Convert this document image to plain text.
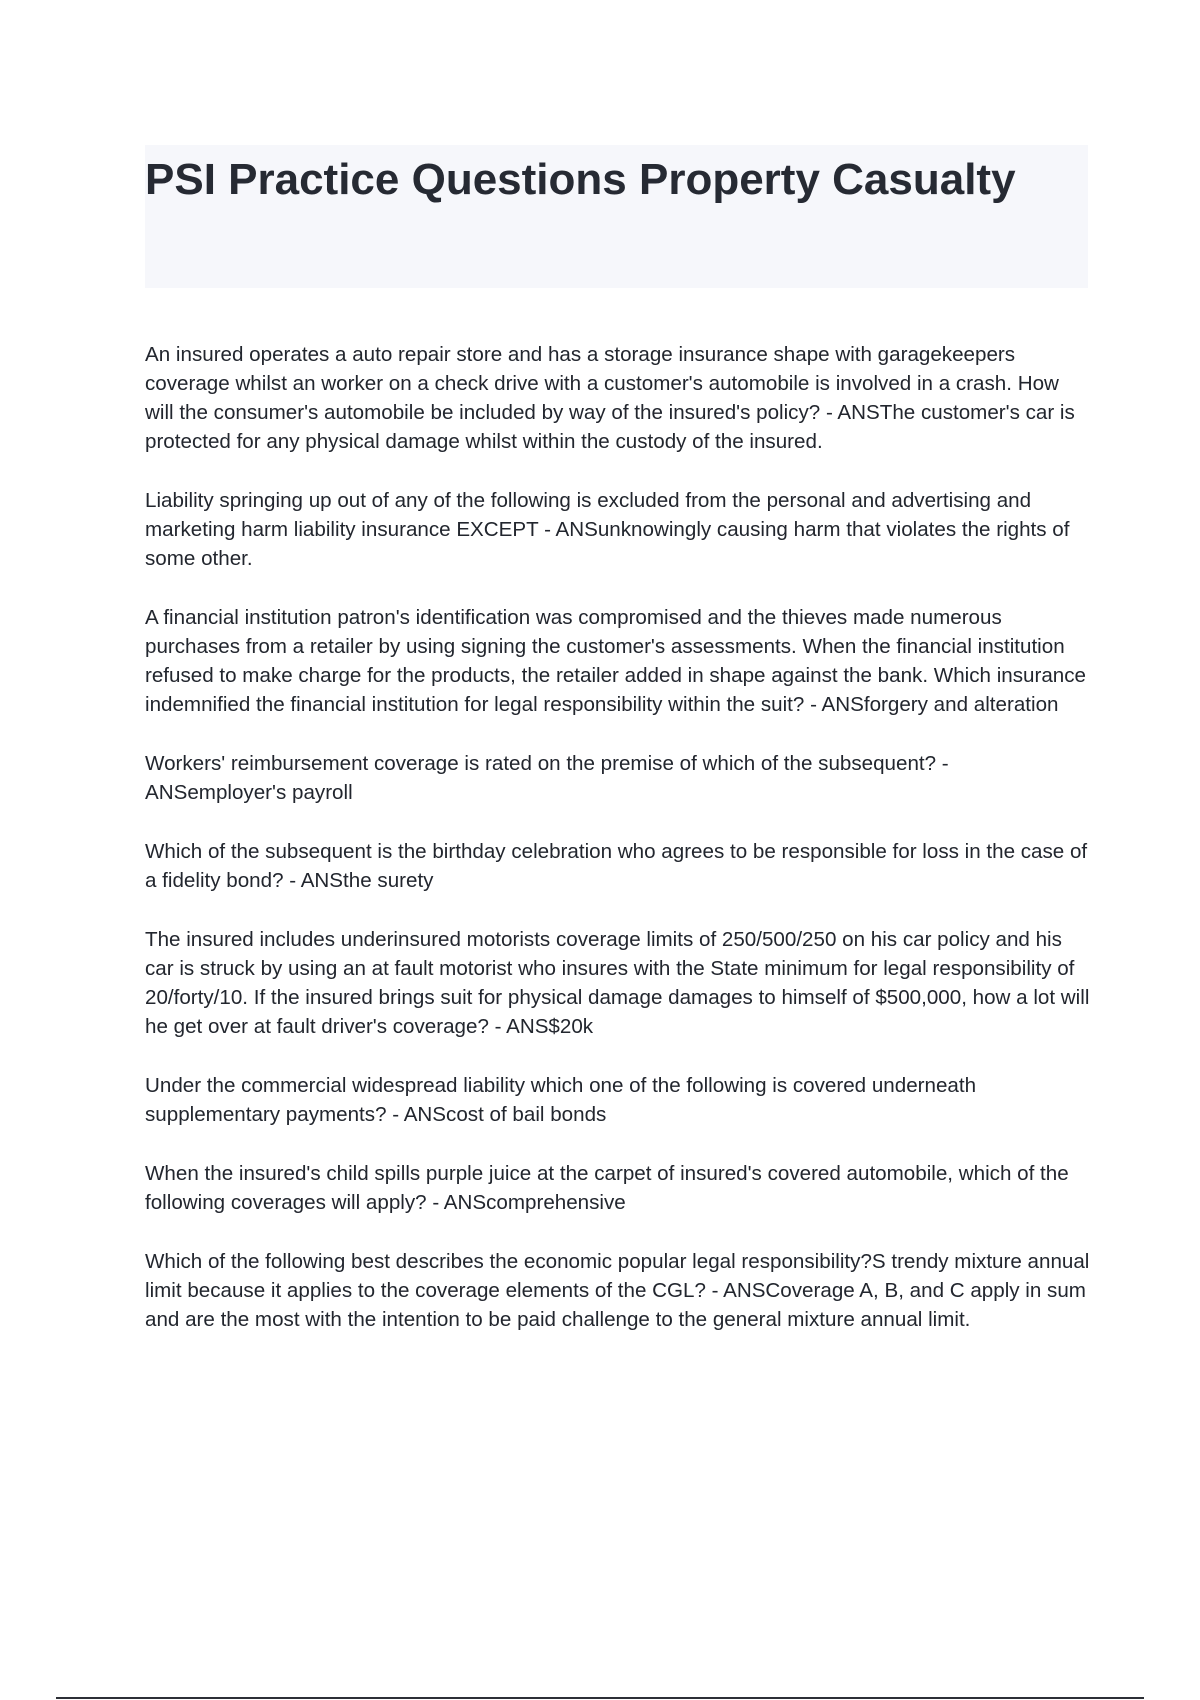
PSI Practice Questions Property Casualty
An insured operates a auto repair store and has a storage insurance shape with garagekeepers coverage whilst an worker on a check drive with a customer's automobile is involved in a crash. How will the consumer's automobile be included by way of the insured's policy? - ANSThe customer's car is protected for any physical damage whilst within the custody of the insured.
Liability springing up out of any of the following is excluded from the personal and advertising and marketing harm liability insurance EXCEPT - ANSunknowingly causing harm that violates the rights of some other.
A financial institution patron's identification was compromised and the thieves made numerous purchases from a retailer by using signing the customer's assessments. When the financial institution refused to make charge for the products, the retailer added in shape against the bank. Which insurance indemnified the financial institution for legal responsibility within the suit? - ANSforgery and alteration
Workers' reimbursement coverage is rated on the premise of which of the subsequent? - ANSemployer's payroll
Which of the subsequent is the birthday celebration who agrees to be responsible for loss in the case of a fidelity bond? - ANSthe surety
The insured includes underinsured motorists coverage limits of 250/500/250 on his car policy and his car is struck by using an at fault motorist who insures with the State minimum for legal responsibility of 20/forty/10. If the insured brings suit for physical damage damages to himself of $500,000, how a lot will he get over at fault driver's coverage? - ANS$20k
Under the commercial widespread liability which one of the following is covered underneath supplementary payments? - ANScost of bail bonds
When the insured's child spills purple juice at the carpet of insured's covered automobile, which of the following coverages will apply? - ANScomprehensive
Which of the following best describes the economic popular legal responsibility?S trendy mixture annual limit because it applies to the coverage elements of the CGL? - ANSCoverage A, B, and C apply in sum and are the most with the intention to be paid challenge to the general mixture annual limit.
